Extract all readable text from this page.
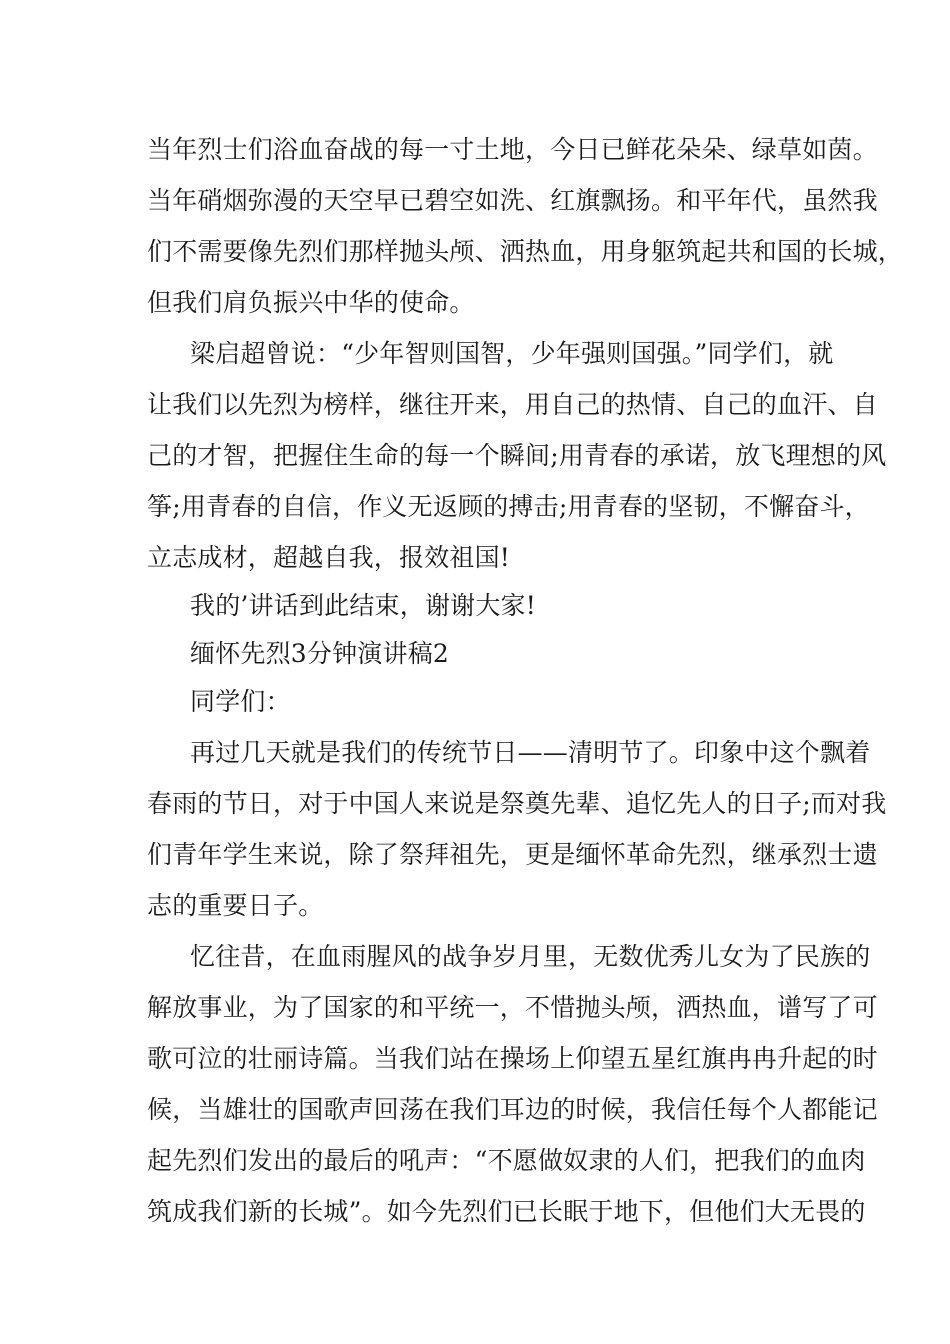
当年烈士们浴血奋战的每一寸土地，今日已鲜花朵朵、绿草如茵。
当年硝烟弥漫的天空早已碧空如洗、红旗飘扬。和平年代，虽然我
们不需要像先烈们那样抛头颅、洒热血，用身躯筑起共和国的长城，
但我们肩负振兴中华的使命。
梁启超曾说：“少年智则国智，少年强则国强。”同学们，就
让我们以先烈为榜样，继往开来，用自己的热情、自己的血汗、自
己的才智，把握住生命的每一个瞬间;用青春的承诺，放飞理想的风
筝;用青春的自信，作义无返顾的搏击;用青春的坚韧，不懈奋斗，
立志成材，超越自我，报效祖国!
我的’讲话到此结束，谢谢大家!
缅怀先烈3分钟演讲稿2
同学们：
再过几天就是我们的传统节日——清明节了。印象中这个飘着
春雨的节日，对于中国人来说是祭奠先辈、追忆先人的日子;而对我
们青年学生来说，除了祭拜祖先，更是缅怀革命先烈，继承烈士遗
志的重要日子。
忆往昔，在血雨腥风的战争岁月里，无数优秀儿女为了民族的
解放事业，为了国家的和平统一，不惜抛头颅，洒热血，谱写了可
歌可泣的壮丽诗篇。当我们站在操场上仰望五星红旗冉冉升起的时
候，当雄壮的国歌声回荡在我们耳边的时候，我信任每个人都能记
起先烈们发出的最后的吼声：“不愿做奴隶的人们，把我们的血肉
筑成我们新的长城”。如今先烈们已长眠于地下，但他们大无畏的
